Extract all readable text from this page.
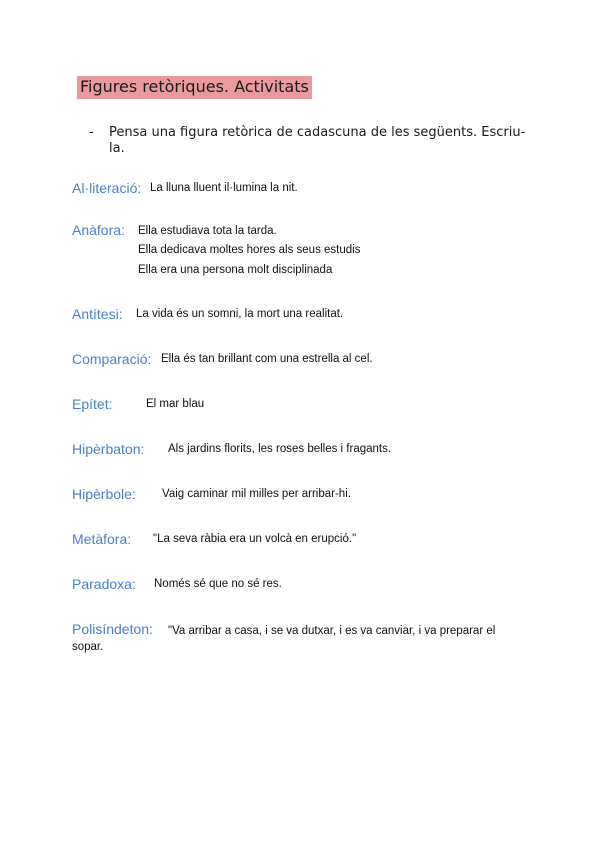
Figures retòriques. Activitats
- Pensa una figura retòrica de cadascuna de les següents. Escriu-la.
Al·literació: La lluna lluent il·lumina la nit.
Anàfora: Ella estudiava tota la tarda.
Ella dedicava moltes hores als seus estudis
Ella era una persona molt disciplinada
Antítesi: La vida és un somni, la mort una realitat.
Comparació: Ella és tan brillant com una estrella al cel.
Epítet:	El mar blau
Hipèrbaton: Als jardins florits, les roses belles i fragants.
Hipèrbole: Vaig caminar mil milles per arribar-hi.
Metàfora: "La seva ràbia era un volcà en erupció."
Paradoxa: Només sé que no sé res.
Polisíndeton:	"Va arribar a casa, i se va dutxar, i es va canviar, i va preparar el sopar.
